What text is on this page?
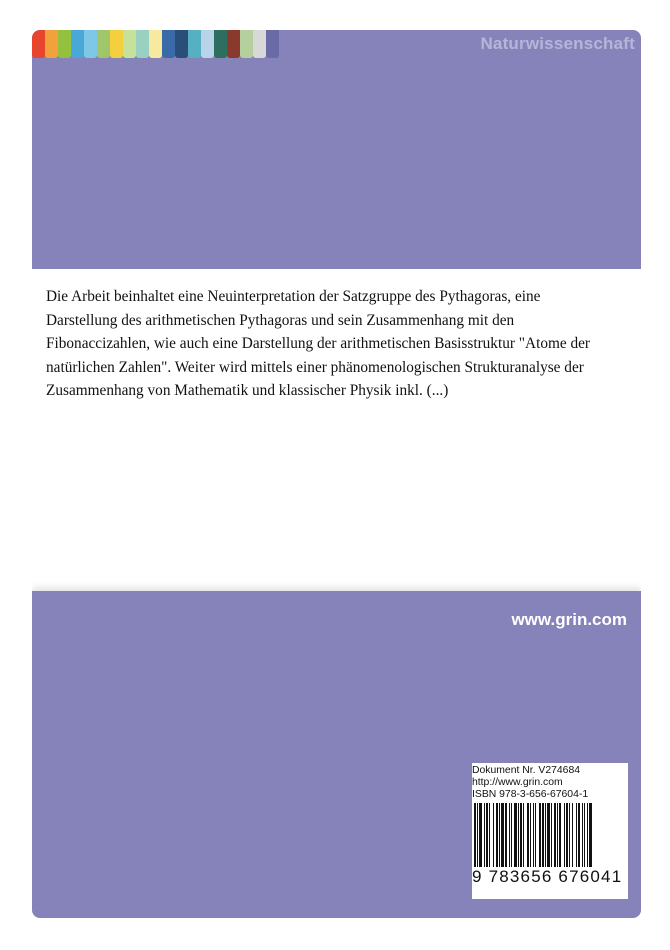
Naturwissenschaft

Die Arbeit beinhaltet eine Neuinterpretation der Satzgruppe des Pythagoras, eine Darstellung des arithmetischen Pythagoras und sein Zusammenhang mit den Fibonaccizahlen, wie auch eine Darstellung der arithmetischen Basisstruktur "Atome der natürlichen Zahlen". Weiter wird mittels einer phänomenologischen Strukturanalyse der Zusammenhang von Mathematik und klassischer Physik inkl. (...)

www.grin.com
Dokument Nr. V274684
http://www.grin.com
ISBN 978-3-656-67604-1
9 783656 676041
